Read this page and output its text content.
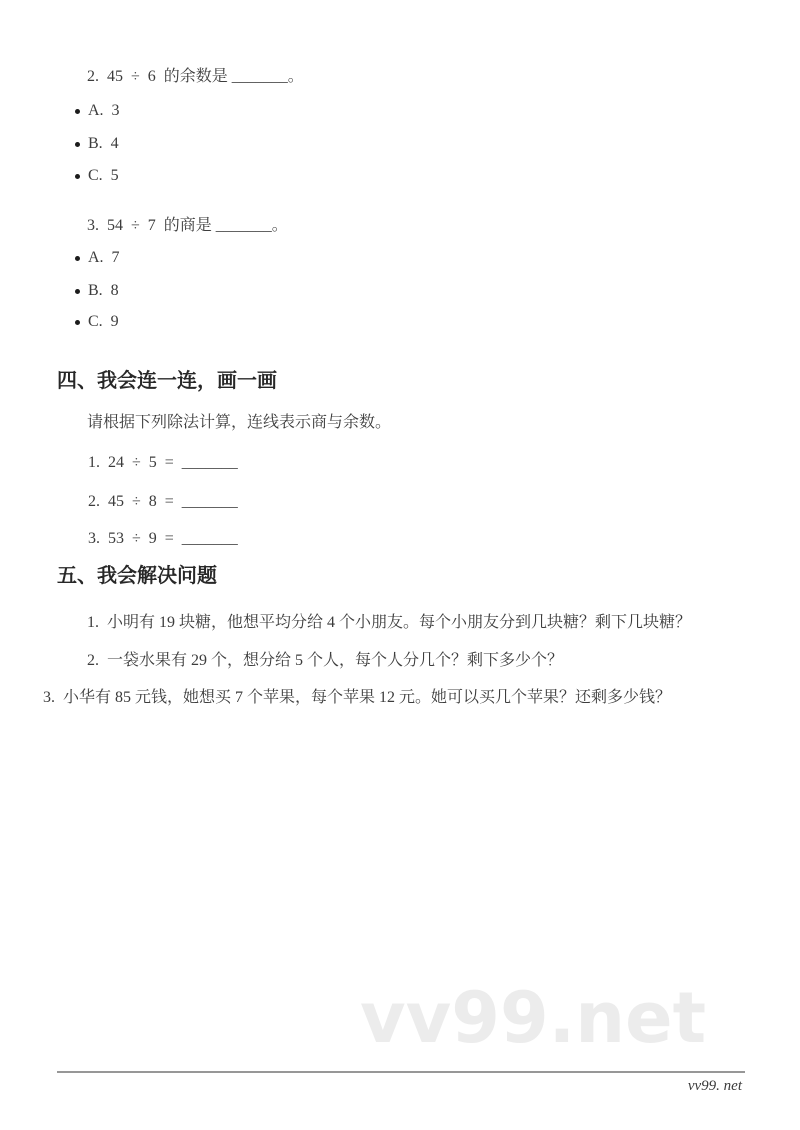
2.  45  ÷  6  的余数是 _______。
A.  3
B.  4
C.  5
3.  54  ÷  7  的商是 _______。
A.  7
B.  8
C.  9
四、我会连一连，画一画
请根据下列除法计算，连线表示商与余数。
1.  24  ÷  5  =  _______
2.  45  ÷  8  =  _______
3.  53  ÷  9  =  _______
五、我会解决问题
1.  小明有 19 块糖，他想平均分给 4 个小朋友。每个小朋友分到几块糖？剩下几块糖？
2.  一袋水果有 29 个，想分给 5 个人，每个人分几个？剩下多少个？
3.  小华有 85 元钱，她想买 7 个苹果，每个苹果 12 元。她可以买几个苹果？还剩多少钱？
vv99.net
vv99. net
